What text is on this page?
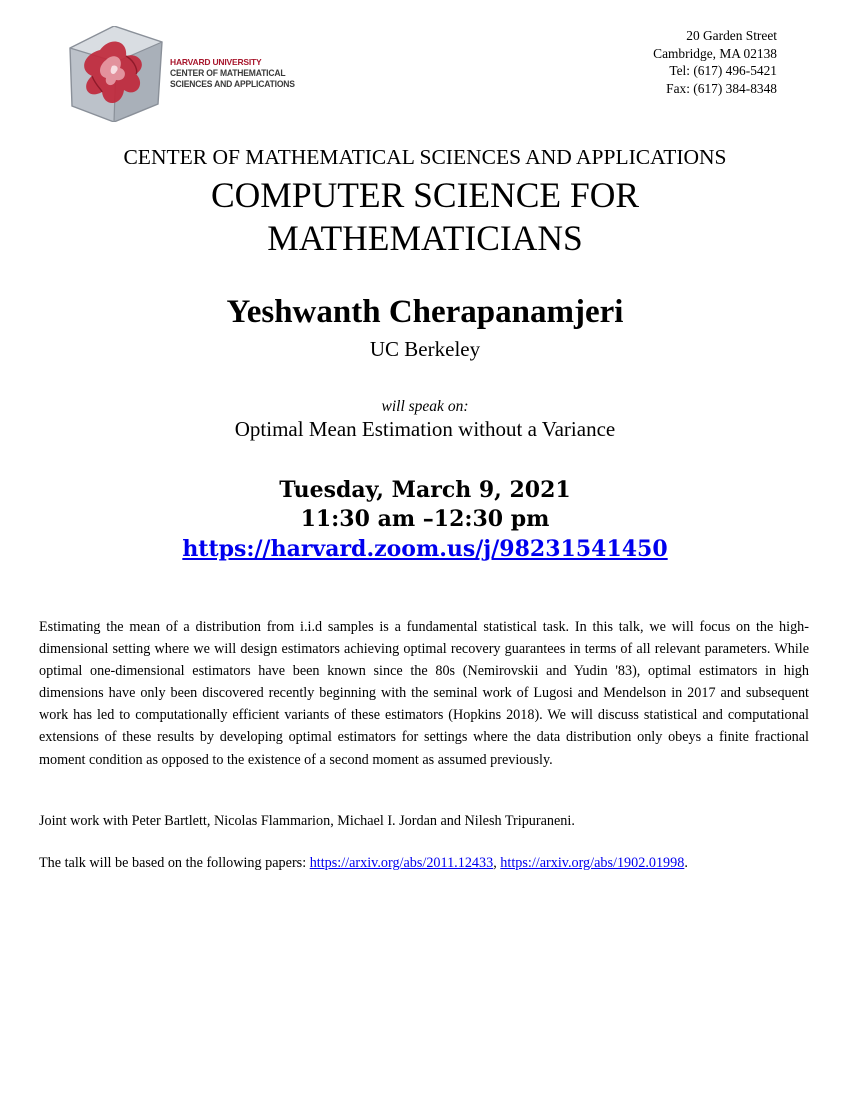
HARVARD UNIVERSITY
CENTER OF MATHEMATICAL
SCIENCES AND APPLICATIONS
20 Garden Street
Cambridge, MA 02138
Tel: (617) 496-5421
Fax: (617) 384-8348
CENTER OF MATHEMATICAL SCIENCES AND APPLICATIONS
COMPUTER SCIENCE FOR
MATHEMATICIANS
Yeshwanth Cherapanamjeri
UC Berkeley
will speak on:
Optimal Mean Estimation without a Variance
Tuesday, March 9, 2021
11:30 am –12:30 pm
https://harvard.zoom.us/j/98231541450
Estimating the mean of a distribution from i.i.d samples is a fundamental statistical task. In this talk, we will focus on the high-dimensional setting where we will design estimators achieving optimal recovery guarantees in terms of all relevant parameters. While optimal one-dimensional estimators have been known since the 80s (Nemirovskii and Yudin '83), optimal estimators in high dimensions have only been discovered recently beginning with the seminal work of Lugosi and Mendelson in 2017 and subsequent work has led to computationally efficient variants of these estimators (Hopkins 2018). We will discuss statistical and computational extensions of these results by developing optimal estimators for settings where the data distribution only obeys a finite fractional moment condition as opposed to the existence of a second moment as assumed previously.
Joint work with Peter Bartlett, Nicolas Flammarion, Michael I. Jordan and Nilesh Tripuraneni.
The talk will be based on the following papers: https://arxiv.org/abs/2011.12433, https://arxiv.org/abs/1902.01998.
